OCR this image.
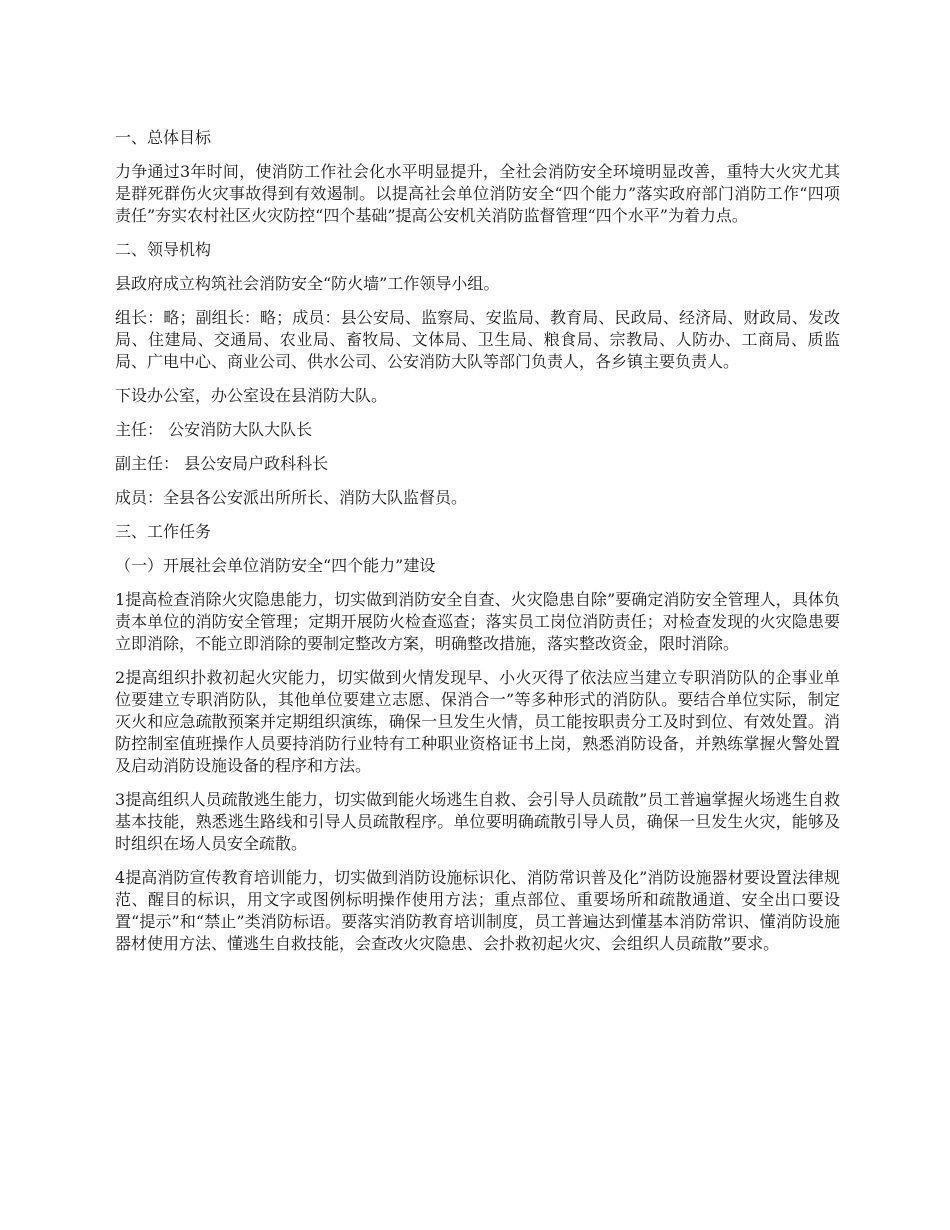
一、总体目标

力争通过3年时间，使消防工作社会化水平明显提升，全社会消防安全环境明显改善，重特大火灾尤其是群死群伤火灾事故得到有效遏制。以提高社会单位消防安全“四个能力”落实政府部门消防工作“四项责任”夯实农村社区火灾防控“四个基础”提高公安机关消防监督管理“四个水平”为着力点。

二、领导机构

县政府成立构筑社会消防安全“防火墙”工作领导小组。

组长：略；副组长：略；成员：县公安局、监察局、安监局、教育局、民政局、经济局、财政局、发改局、住建局、交通局、农业局、畜牧局、文体局、卫生局、粮食局、宗教局、人防办、工商局、质监局、广电中心、商业公司、供水公司、公安消防大队等部门负责人，各乡镇主要负责人。

下设办公室，办公室设在县消防大队。

主任： 公安消防大队大队长

副主任： 县公安局户政科科长

成员：全县各公安派出所所长、消防大队监督员。

三、工作任务

（一）开展社会单位消防安全“四个能力”建设

1提高检查消除火灾隐患能力，切实做到消防安全自查、火灾隐患自除”要确定消防安全管理人，具体负责本单位的消防安全管理；定期开展防火检查巡查；落实员工岗位消防责任；对检查发现的火灾隐患要立即消除，不能立即消除的要制定整改方案，明确整改措施，落实整改资金，限时消除。

2提高组织扑救初起火灾能力，切实做到火情发现早、小火灭得了依法应当建立专职消防队的企事业单位要建立专职消防队，其他单位要建立志愿、保消合一”等多种形式的消防队。要结合单位实际，制定灭火和应急疏散预案并定期组织演练，确保一旦发生火情，员工能按职责分工及时到位、有效处置。消防控制室值班操作人员要持消防行业特有工种职业资格证书上岗，熟悉消防设备，并熟练掌握火警处置及启动消防设施设备的程序和方法。

3提高组织人员疏散逃生能力，切实做到能火场逃生自救、会引导人员疏散”员工普遍掌握火场逃生自救基本技能，熟悉逃生路线和引导人员疏散程序。单位要明确疏散引导人员，确保一旦发生火灾，能够及时组织在场人员安全疏散。

4提高消防宣传教育培训能力，切实做到消防设施标识化、消防常识普及化”消防设施器材要设置法律规范、醒目的标识，用文字或图例标明操作使用方法；重点部位、重要场所和疏散通道、安全出口要设置“提示”和“禁止”类消防标语。要落实消防教育培训制度，员工普遍达到懂基本消防常识、懂消防设施器材使用方法、懂逃生自救技能，会查改火灾隐患、会扑救初起火灾、会组织人员疏散”要求。
